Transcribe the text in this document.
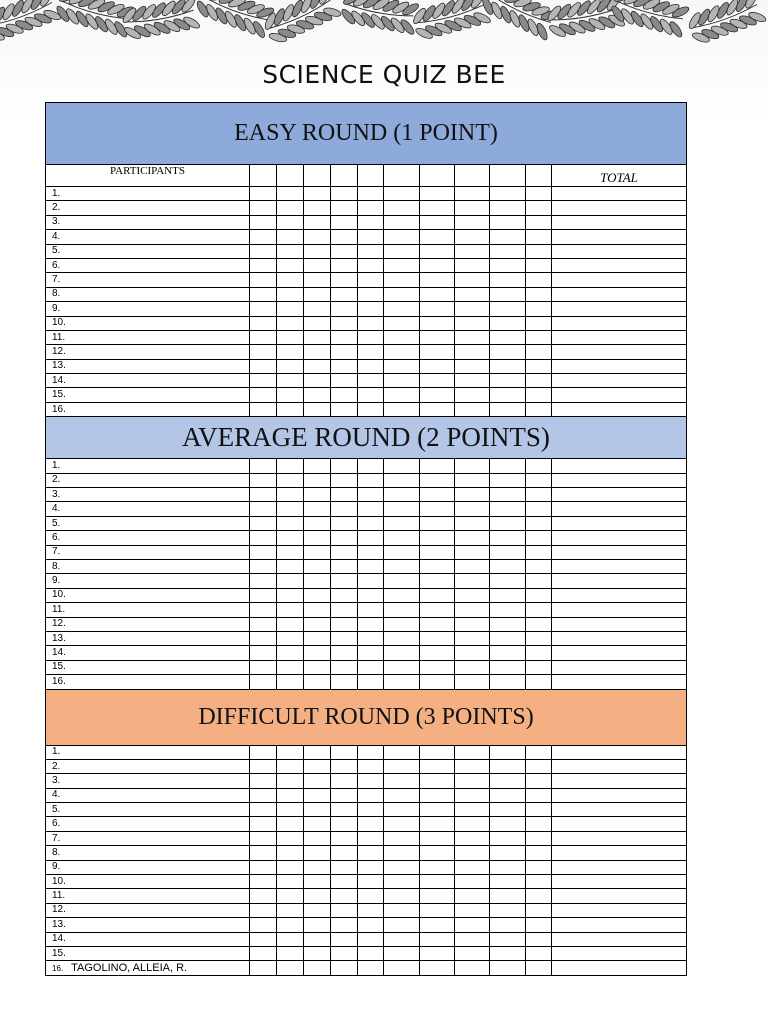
SCIENCE QUIZ BEE
EASY ROUND (1 POINT)											
PARTICIPANTS											TOTAL
1.											
2.											
3.											
4.											
5.											
6.											
7.											
8.											
9.											
10.											
11.											
12.											
13.											
14.											
15.											
16.											
AVERAGE ROUND (2 POINTS)											
1.											
2.											
3.											
4.											
5.											
6.											
7.											
8.											
9.											
10.											
11.											
12.											
13.											
14.											
15.											
16.											
DIFFICULT ROUND (3 POINTS)											
1.											
2.											
3.											
4.											
5.											
6.											
7.											
8.											
9.											
10.											
11.											
12.											
13.											
14.											
15.											
16. TAGOLINO, ALLEIA, R.											
